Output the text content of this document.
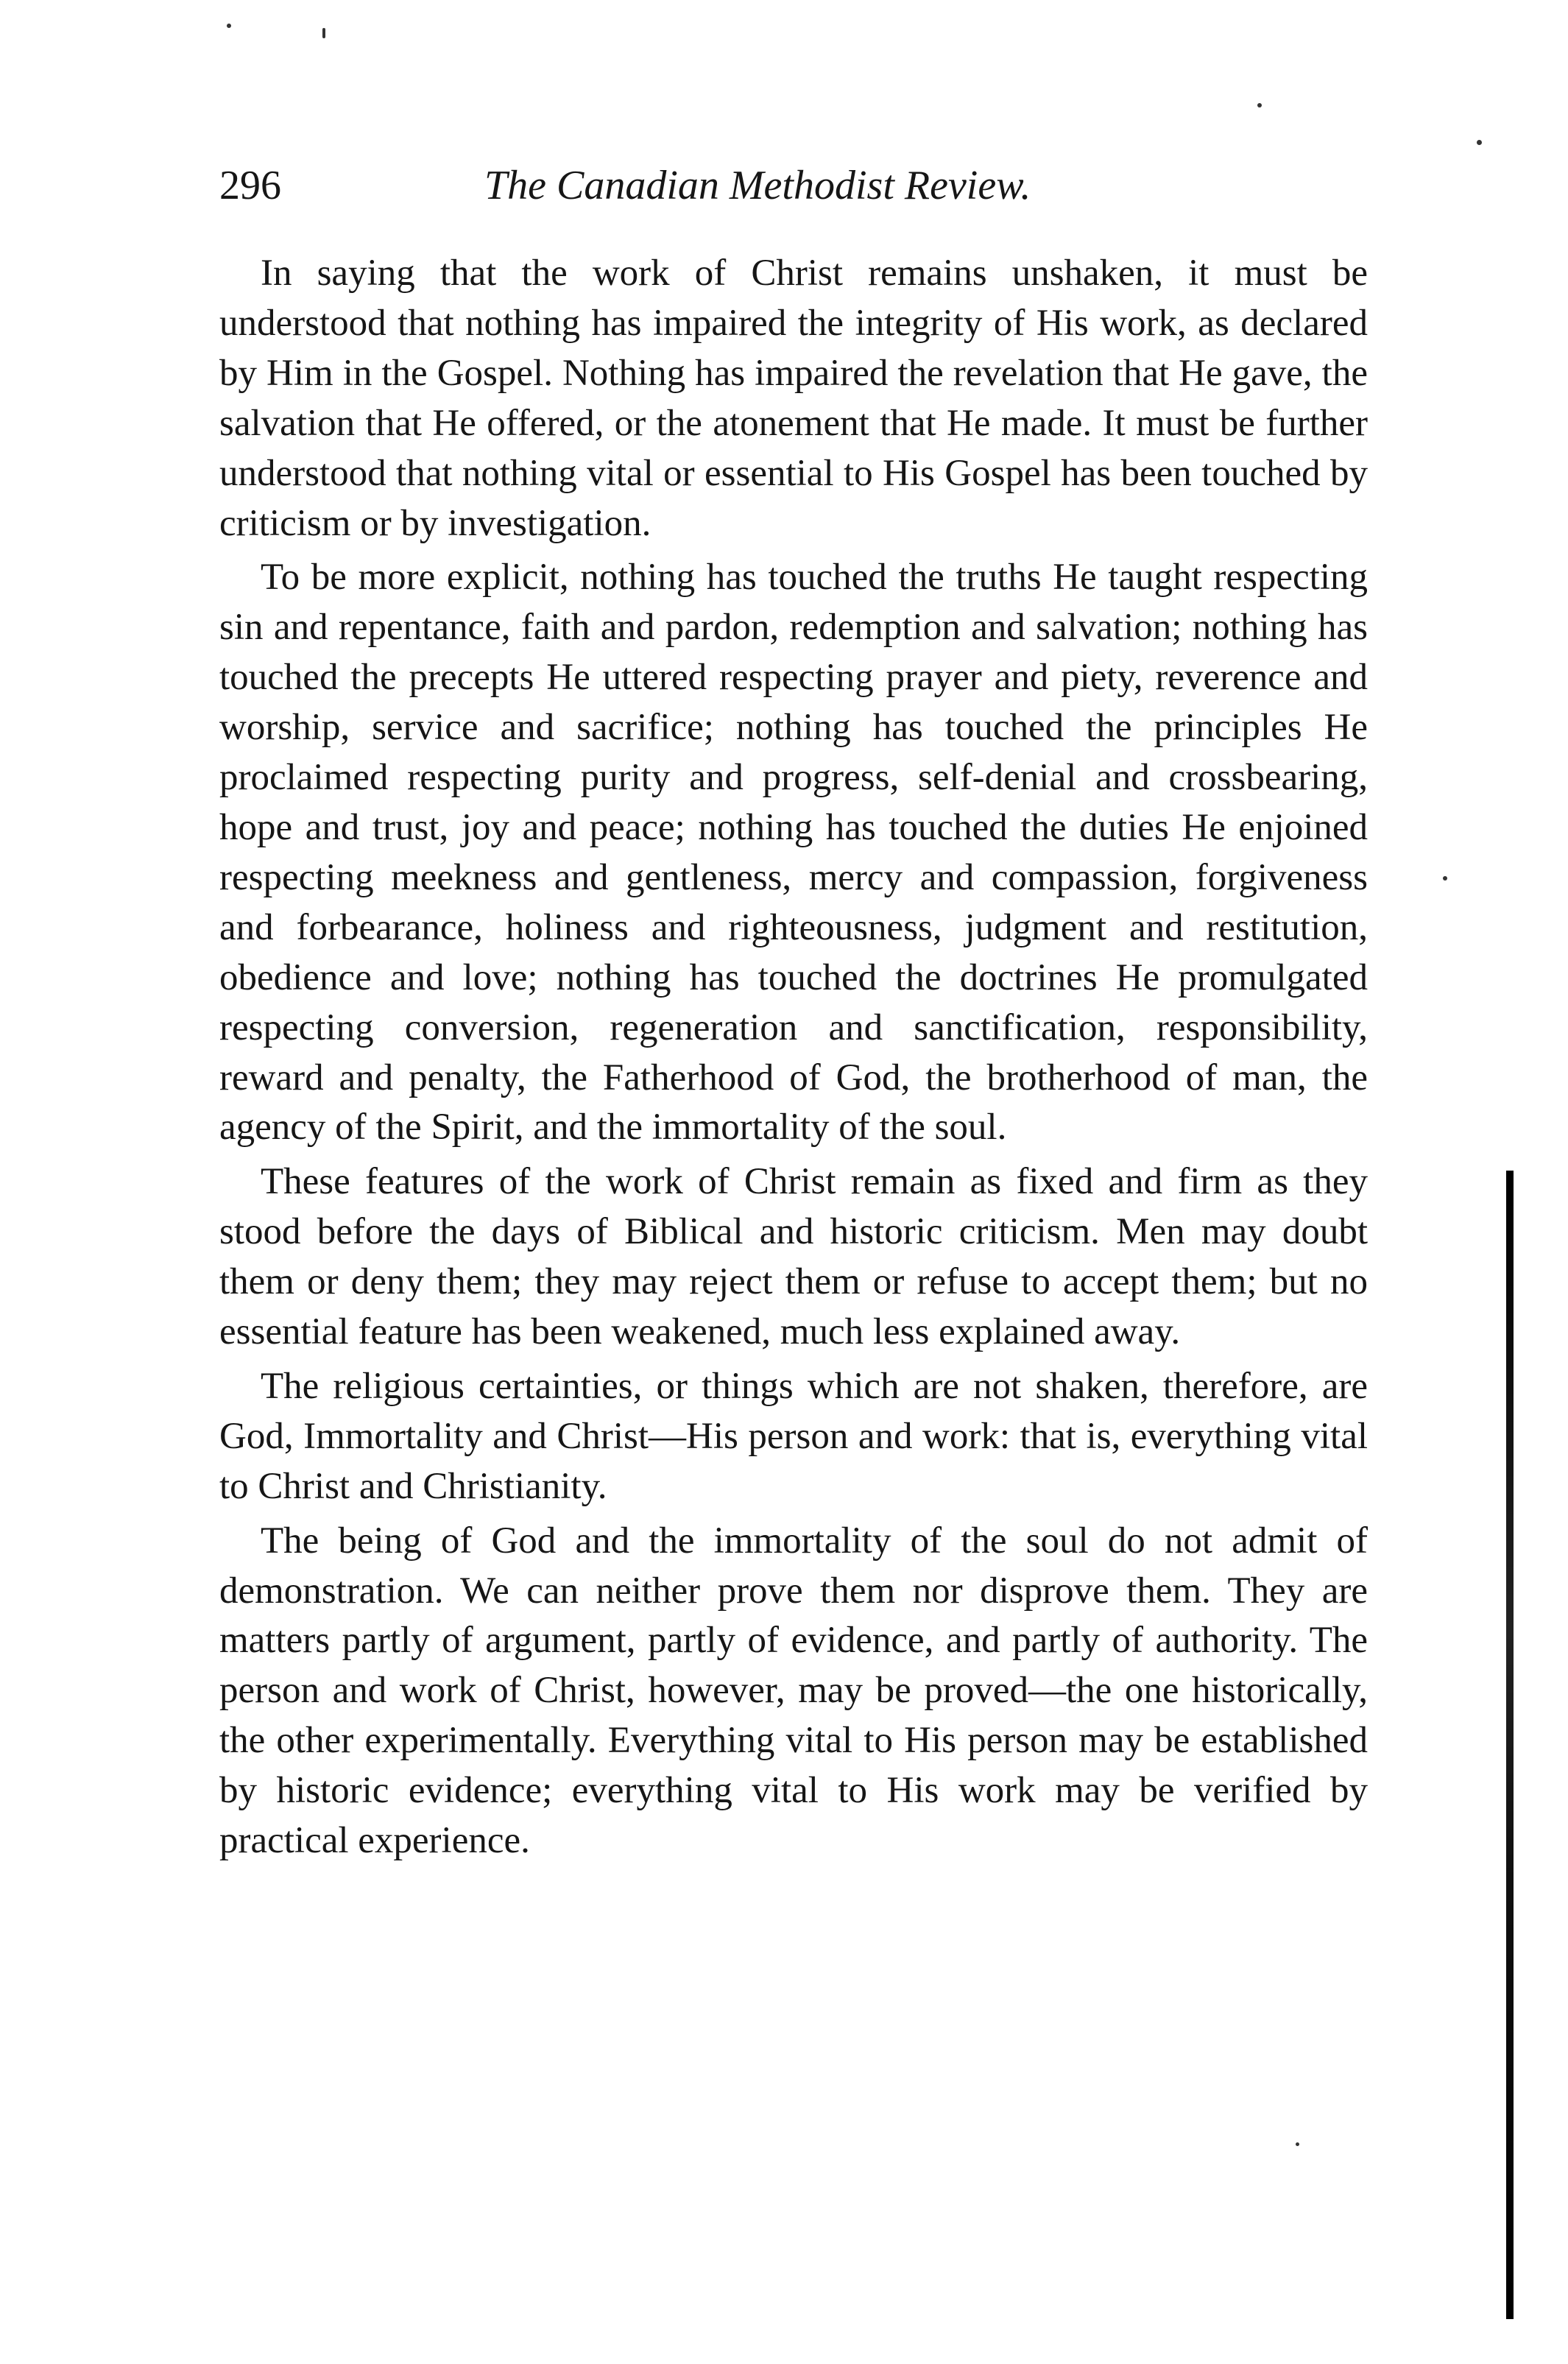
296	The Canadian Methodist Review.

In saying that the work of Christ remains unshaken, it must be understood that nothing has impaired the integrity of His work, as declared by Him in the Gospel. Nothing has impaired the revelation that He gave, the salvation that He offered, or the atonement that He made. It must be further understood that nothing vital or essential to His Gospel has been touched by criticism or by investigation.

To be more explicit, nothing has touched the truths He taught respecting sin and repentance, faith and pardon, redemption and salvation; nothing has touched the precepts He uttered respecting prayer and piety, reverence and worship, service and sacrifice; nothing has touched the principles He proclaimed respecting purity and progress, self-denial and crossbearing, hope and trust, joy and peace; nothing has touched the duties He enjoined respecting meekness and gentleness, mercy and compassion, forgiveness and forbearance, holiness and righteousness, judgment and restitution, obedience and love; nothing has touched the doctrines He promulgated respecting conversion, regeneration and sanctification, responsibility, reward and penalty, the Fatherhood of God, the brotherhood of man, the agency of the Spirit, and the immortality of the soul.

These features of the work of Christ remain as fixed and firm as they stood before the days of Biblical and historic criticism. Men may doubt them or deny them; they may reject them or refuse to accept them; but no essential feature has been weakened, much less explained away.

The religious certainties, or things which are not shaken, therefore, are God, Immortality and Christ—His person and work: that is, everything vital to Christ and Christianity.

The being of God and the immortality of the soul do not admit of demonstration. We can neither prove them nor disprove them. They are matters partly of argument, partly of evidence, and partly of authority. The person and work of Christ, however, may be proved—the one historically, the other experimentally. Everything vital to His person may be established by historic evidence; everything vital to His work may be verified by practical experience.
